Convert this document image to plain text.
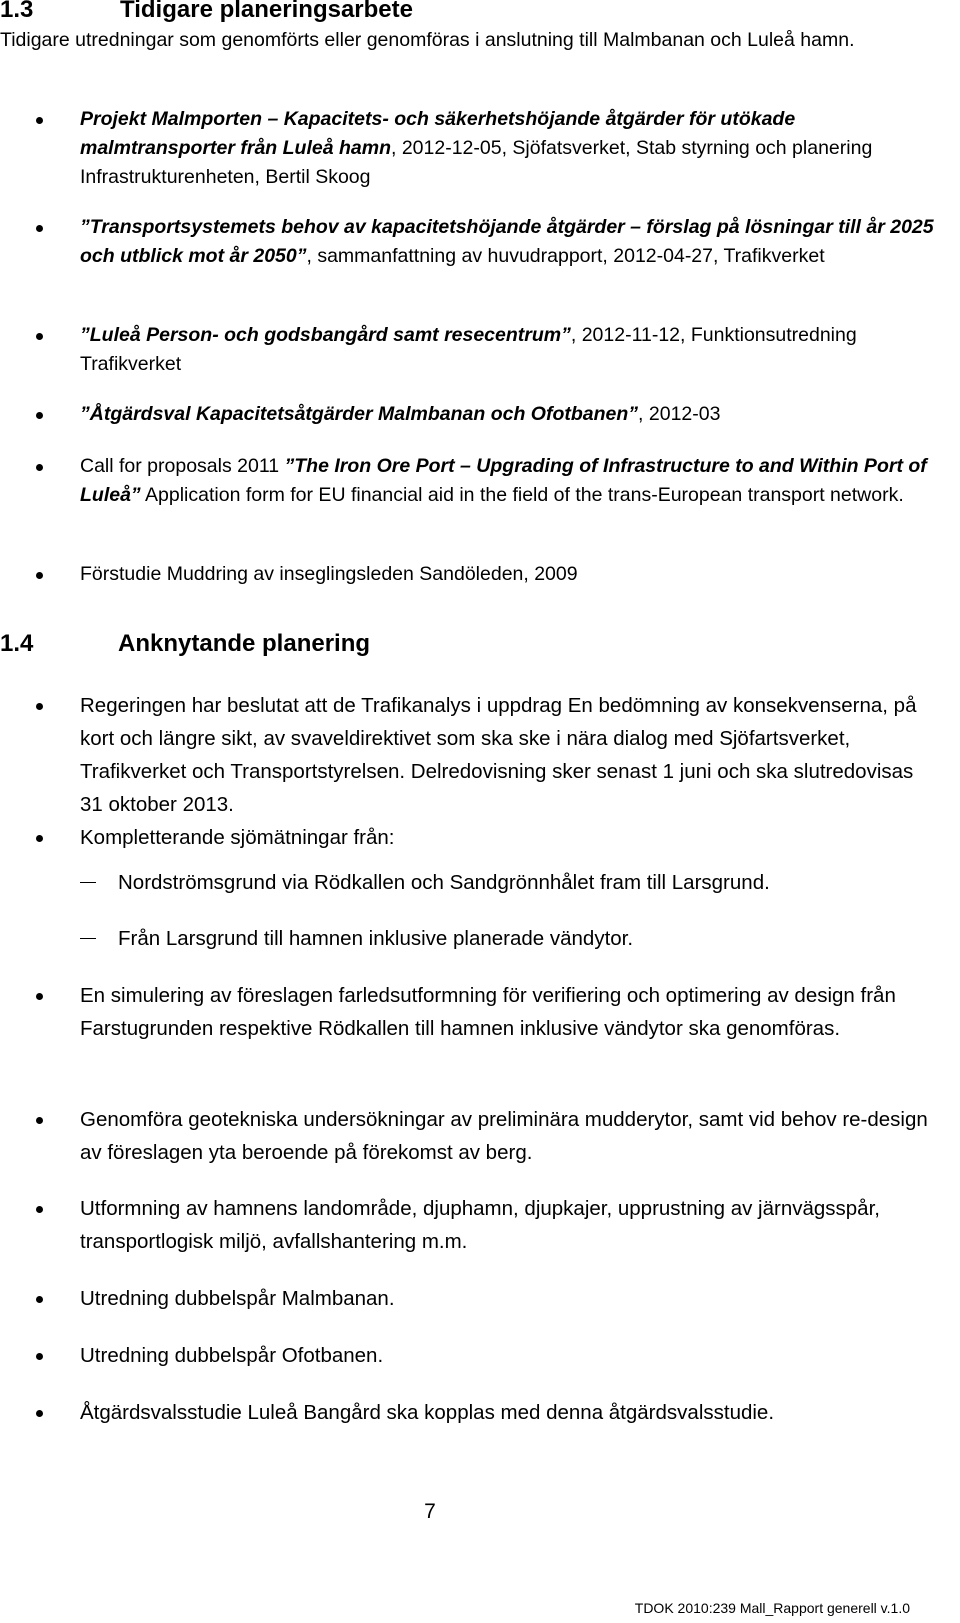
1.3	Tidigare planeringsarbete
Tidigare utredningar som genomförts eller genomföras i anslutning till Malmbanan och Luleå hamn.
Projekt Malmporten – Kapacitets- och säkerhetshöjande åtgärder för utökade malmtransporter från Luleå hamn, 2012-12-05, Sjöfatsverket, Stab styrning och planering Infrastrukturenheten, Bertil Skoog
”Transportsystemets behov av kapacitetshöjande åtgärder – förslag på lösningar till år 2025 och utblick mot år 2050”, sammanfattning av huvudrapport, 2012-04-27, Trafikverket
”Luleå Person- och godsbangård samt resecentrum”, 2012-11-12, Funktionsutredning Trafikverket
”Åtgärdsval Kapacitetsåtgärder Malmbanan och Ofotbanen”, 2012-03
Call for proposals 2011 ”The Iron Ore Port – Upgrading of Infrastructure to and Within Port of Luleå” Application form for EU financial aid in the field of the trans-European transport network.
Förstudie Muddring av inseglingsleden Sandöleden, 2009
1.4	Anknytande planering
Regeringen har beslutat att de Trafikanalys i uppdrag En bedömning av konsekvenserna, på kort och längre sikt, av svaveldirektivet som ska ske i nära dialog med Sjöfartsverket, Trafikverket och Transportstyrelsen. Delredovisning sker senast 1 juni och ska slutredovisas 31 oktober 2013.
Kompletterande sjömätningar från:
Nordströmsgrund via Rödkallen och Sandgrönnhålet fram till Larsgrund.
Från Larsgrund till hamnen inklusive planerade vändytor.
En simulering av föreslagen farledsutformning för verifiering och optimering av design från Farstugrunden respektive Rödkallen till hamnen inklusive vändytor ska genomföras.
Genomföra geotekniska undersökningar av preliminära mudderytor, samt vid behov re-design av föreslagen yta beroende på förekomst av berg.
Utformning av hamnens landområde, djuphamn, djupkajer, upprustning av järnvägsspår, transportlogisk miljö, avfallshantering m.m.
Utredning dubbelspår Malmbanan.
Utredning dubbelspår Ofotbanen.
Åtgärdsvalsstudie Luleå Bangård ska kopplas med denna åtgärdsvalsstudie.
7
TDOK 2010:239 Mall_Rapport generell v.1.0
